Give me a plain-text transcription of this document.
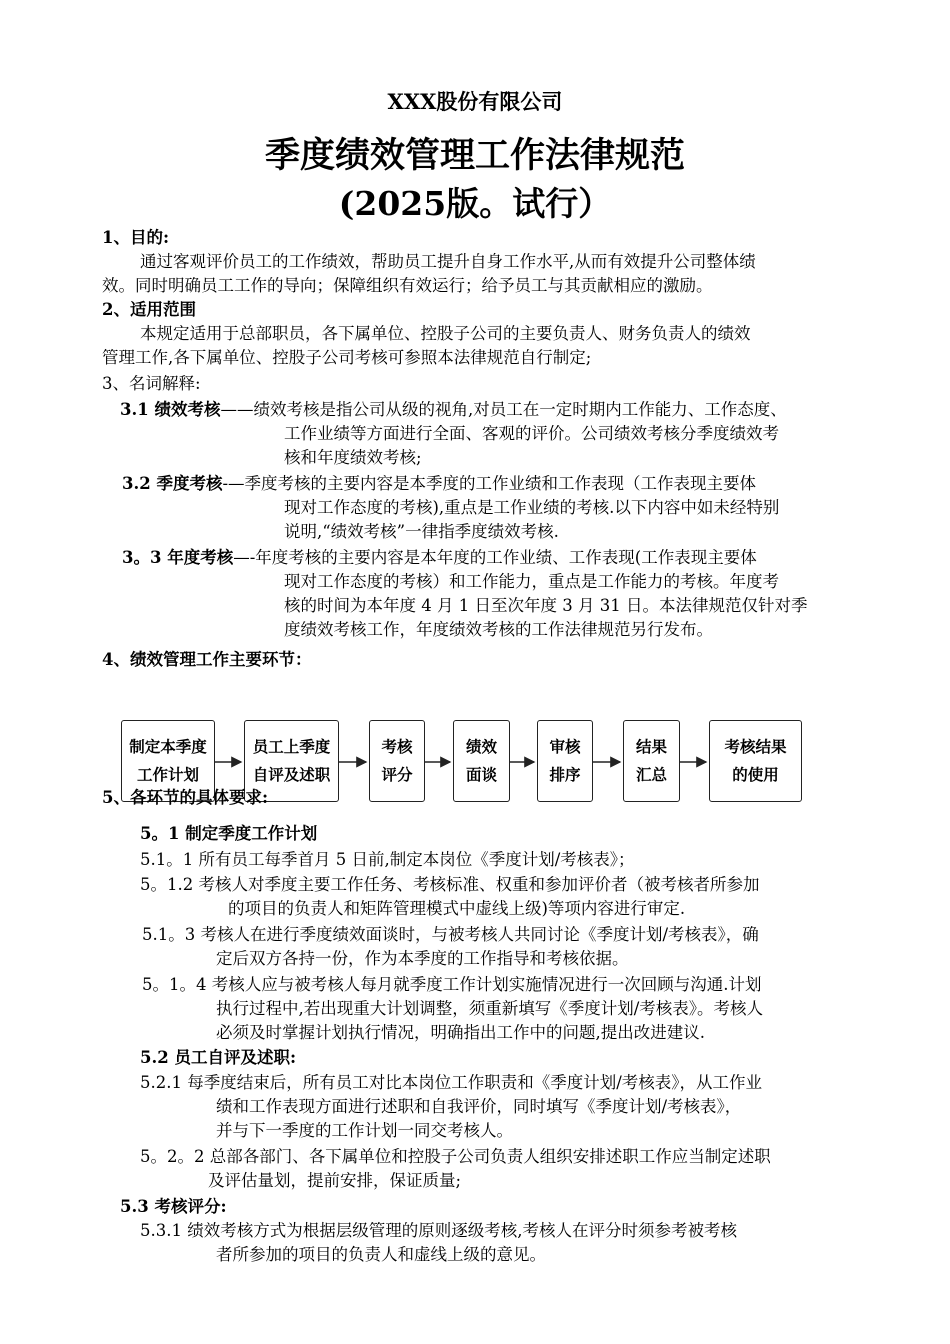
XXX股份有限公司
季度绩效管理工作法律规范
(2025版。试行）
1、目的:
通过客观评价员工的工作绩效，帮助员工提升自身工作水平,从而有效提升公司整体绩
效。同时明确员工工作的导向；保障组织有效运行；给予员工与其贡献相应的激励。
2、适用范围
本规定适用于总部职员，各下属单位、控股子公司的主要负责人、财务负责人的绩效
管理工作,各下属单位、控股子公司考核可参照本法律规范自行制定;
3、名词解释:
3.1 绩效考核——绩效考核是指公司从级的视角,对员工在一定时期内工作能力、工作态度、
工作业绩等方面进行全面、客观的评价。公司绩效考核分季度绩效考
核和年度绩效考核;
3.2 季度考核-—季度考核的主要内容是本季度的工作业绩和工作表现（工作表现主要体
现对工作态度的考核),重点是工作业绩的考核.以下内容中如未经特别
说明,“绩效考核”一律指季度绩效考核.
3。3 年度考核—-年度考核的主要内容是本年度的工作业绩、工作表现(工作表现主要体
现对工作态度的考核）和工作能力，重点是工作能力的考核。年度考
核的时间为本年度 4 月 1 日至次年度 3 月 31 日。本法律规范仅针对季
度绩效考核工作，年度绩效考核的工作法律规范另行发布。
4、绩效管理工作主要环节：
制定本季度
工作计划
员工上季度
自评及述职
考核
评分
绩效
面谈
审核
排序
结果
汇总
考核结果
的使用
5、各环节的具体要求:
5。1 制定季度工作计划
5.1。1 所有员工每季首月 5 日前,制定本岗位《季度计划/考核表》；
5。1.2 考核人对季度主要工作任务、考核标准、权重和参加评价者（被考核者所参加
的项目的负责人和矩阵管理模式中虚线上级)等项内容进行审定.
5.1。3 考核人在进行季度绩效面谈时，与被考核人共同讨论《季度计划/考核表》，确
定后双方各持一份，作为本季度的工作指导和考核依据。
5。1。4 考核人应与被考核人每月就季度工作计划实施情况进行一次回顾与沟通.计划
执行过程中,若出现重大计划调整，须重新填写《季度计划/考核表》。考核人
必须及时掌握计划执行情况，明确指出工作中的问题,提出改进建议.
5.2 员工自评及述职:
5.2.1 每季度结束后，所有员工对比本岗位工作职责和《季度计划/考核表》，从工作业
绩和工作表现方面进行述职和自我评价，同时填写《季度计划/考核表》，
并与下一季度的工作计划一同交考核人。
5。2。2 总部各部门、各下属单位和控股子公司负责人组织安排述职工作应当制定述职
及评估量划，提前安排，保证质量;
5.3 考核评分:
5.3.1 绩效考核方式为根据层级管理的原则逐级考核,考核人在评分时须参考被考核
者所参加的项目的负责人和虚线上级的意见。
